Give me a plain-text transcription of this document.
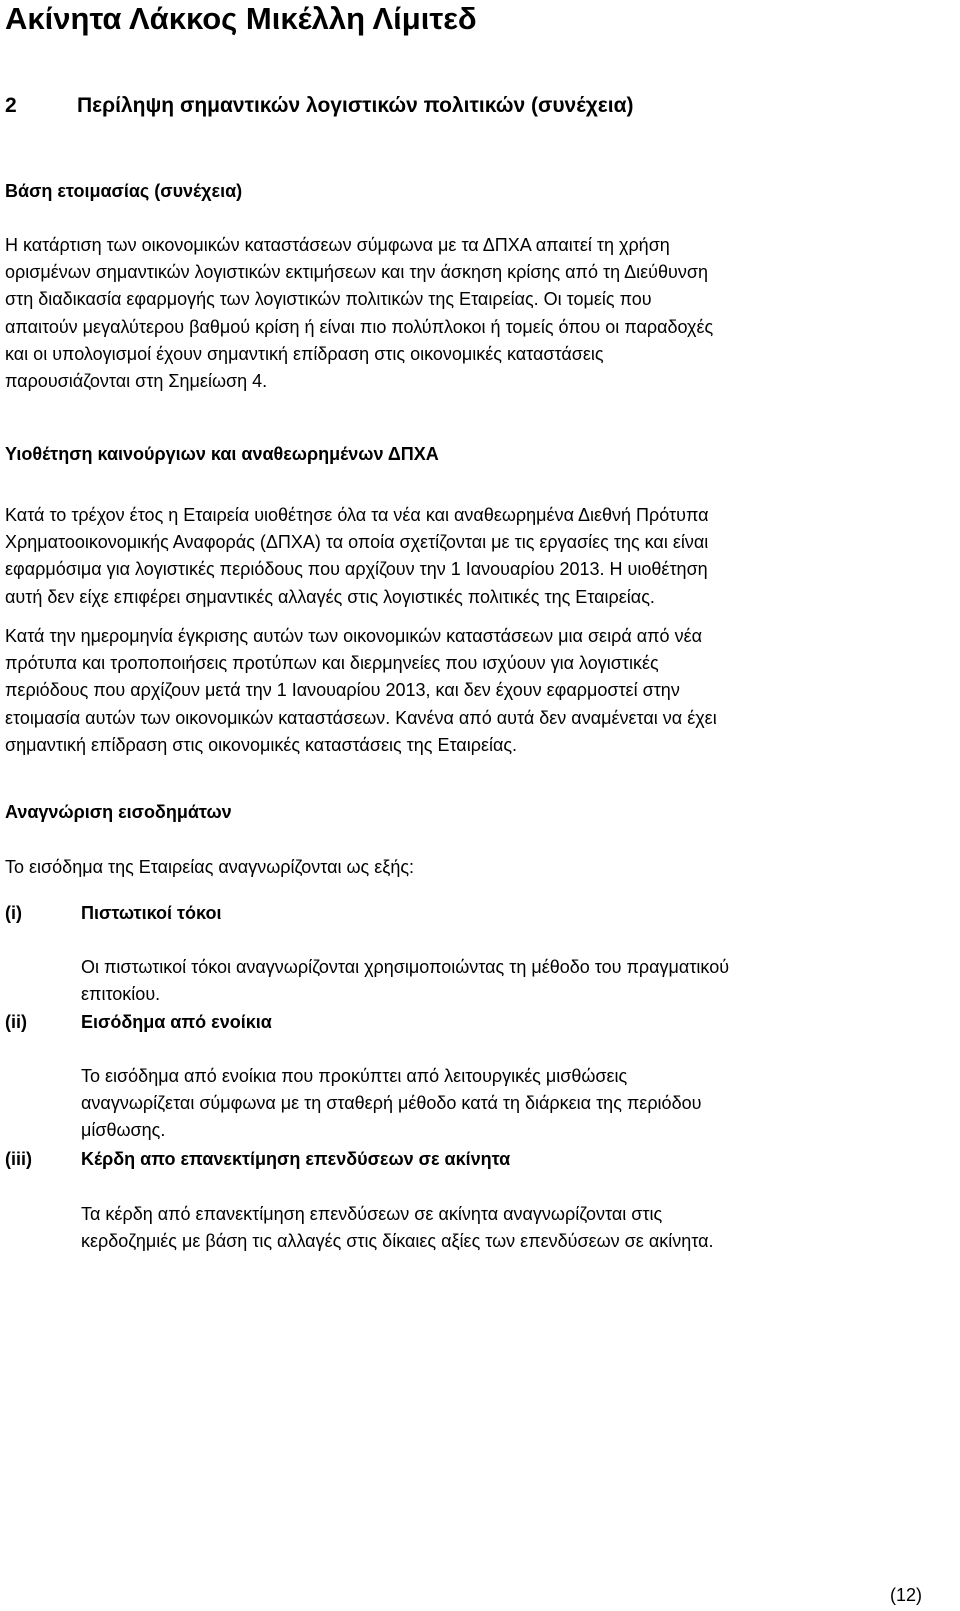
Ακίνητα Λάκκος Μικέλλη Λίμιτεδ
2	Περίληψη σημαντικών λογιστικών πολιτικών (συνέχεια)
Βάση ετοιμασίας (συνέχεια)
Η κατάρτιση των οικονομικών καταστάσεων σύμφωνα με τα ΔΠΧΑ απαιτεί τη χρήση
ορισμένων σημαντικών λογιστικών εκτιμήσεων και την άσκηση κρίσης από τη Διεύθυνση
στη διαδικασία εφαρμογής των λογιστικών πολιτικών της Εταιρείας. Οι τομείς που
απαιτούν μεγαλύτερου βαθμού κρίση ή είναι πιο πολύπλοκοι ή τομείς όπου οι παραδοχές
και οι υπολογισμοί έχουν σημαντική επίδραση στις οικονομικές καταστάσεις
παρουσιάζονται στη Σημείωση 4.
Υιοθέτηση καινούργιων και αναθεωρημένων ΔΠΧΑ
Κατά το τρέχον έτος η Εταιρεία υιοθέτησε όλα τα νέα και αναθεωρημένα Διεθνή Πρότυπα
Χρηματοοικονομικής Αναφοράς (ΔΠΧΑ) τα οποία σχετίζονται με τις εργασίες της και είναι
εφαρμόσιμα για λογιστικές περιόδους που αρχίζουν την 1 Ιανουαρίου 2013. Η υιοθέτηση
αυτή δεν είχε επιφέρει σημαντικές αλλαγές στις λογιστικές πολιτικές της Εταιρείας.
Κατά την ημερομηνία έγκρισης αυτών των οικονομικών καταστάσεων μια σειρά από νέα
πρότυπα και τροποποιήσεις προτύπων και διερμηνείες που ισχύουν για λογιστικές
περιόδους που αρχίζουν μετά την 1 Ιανουαρίου 2013, και δεν έχουν εφαρμοστεί στην
ετοιμασία αυτών των οικονομικών καταστάσεων. Κανένα από αυτά δεν αναμένεται να έχει
σημαντική επίδραση στις οικονομικές καταστάσεις της Εταιρείας.
Αναγνώριση εισοδημάτων
Το εισόδημα της Εταιρείας αναγνωρίζονται ως εξής:
(i)	Πιστωτικοί τόκοι
Οι πιστωτικοί τόκοι αναγνωρίζονται χρησιμοποιώντας τη μέθοδο του πραγματικού
επιτοκίου.
(ii)	Εισόδημα από ενοίκια
Το εισόδημα από ενοίκια που προκύπτει από λειτουργικές μισθώσεις
αναγνωρίζεται σύμφωνα με τη σταθερή μέθοδο κατά τη διάρκεια της περιόδου
μίσθωσης.
(iii)	Κέρδη απο επανεκτίμηση επενδύσεων σε ακίνητα
Τα κέρδη από επανεκτίμηση επενδύσεων σε ακίνητα αναγνωρίζονται στις
κερδοζημιές με βάση τις αλλαγές στις δίκαιες αξίες των επενδύσεων σε ακίνητα.
(12)
